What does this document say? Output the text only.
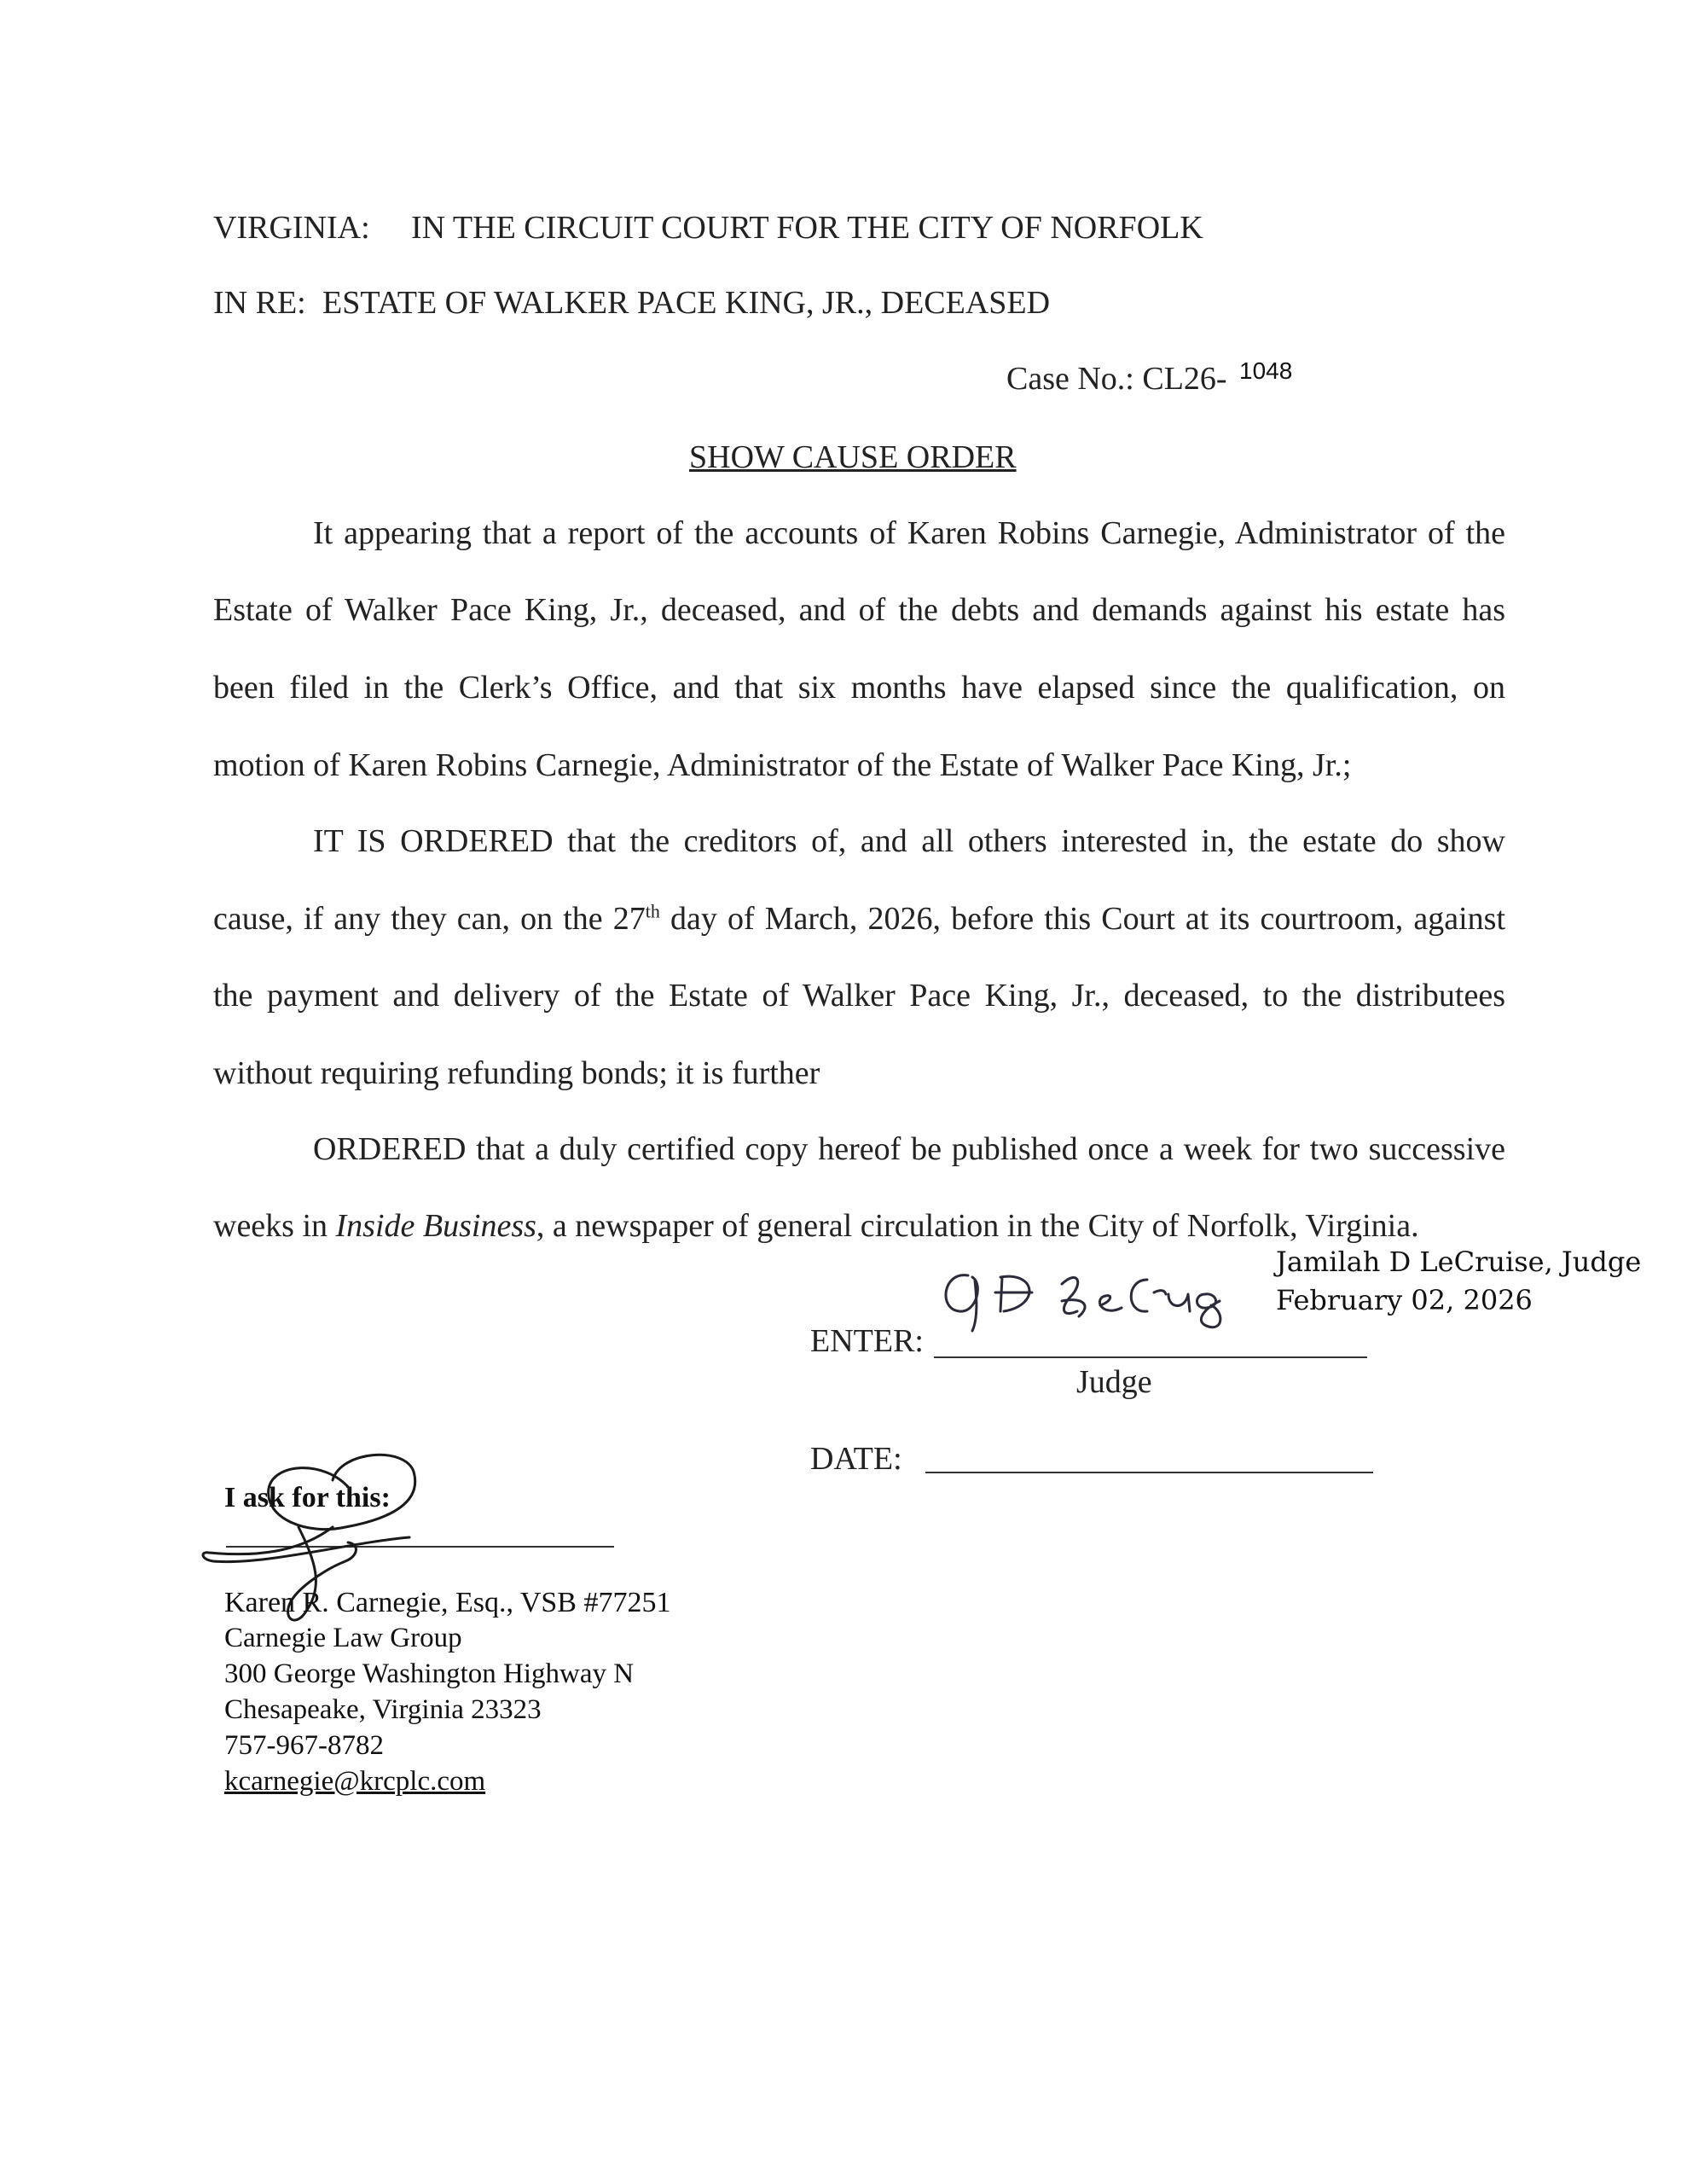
VIRGINIA: IN THE CIRCUIT COURT FOR THE CITY OF NORFOLK
IN RE: ESTATE OF WALKER PACE KING, JR., DECEASED
Case No.: CL26- 1048
SHOW CAUSE ORDER
It appearing that a report of the accounts of Karen Robins Carnegie, Administrator of the
Estate of Walker Pace King, Jr., deceased, and of the debts and demands against his estate has
been filed in the Clerk’s Office, and that six months have elapsed since the qualification, on
motion of Karen Robins Carnegie, Administrator of the Estate of Walker Pace King, Jr.;
IT IS ORDERED that the creditors of, and all others interested in, the estate do show
cause, if any they can, on the 27th day of March, 2026, before this Court at its courtroom, against
the payment and delivery of the Estate of Walker Pace King, Jr., deceased, to the distributees
without requiring refunding bonds; it is further
ORDERED that a duly certified copy hereof be published once a week for two successive
weeks in Inside Business, a newspaper of general circulation in the City of Norfolk, Virginia.
Jamilah D LeCruise, Judge
February 02, 2026
ENTER:
Judge
DATE:
I ask for this:
Karen R. Carnegie, Esq., VSB #77251
Carnegie Law Group
300 George Washington Highway N
Chesapeake, Virginia 23323
757-967-8782
kcarnegie@krcplc.com
